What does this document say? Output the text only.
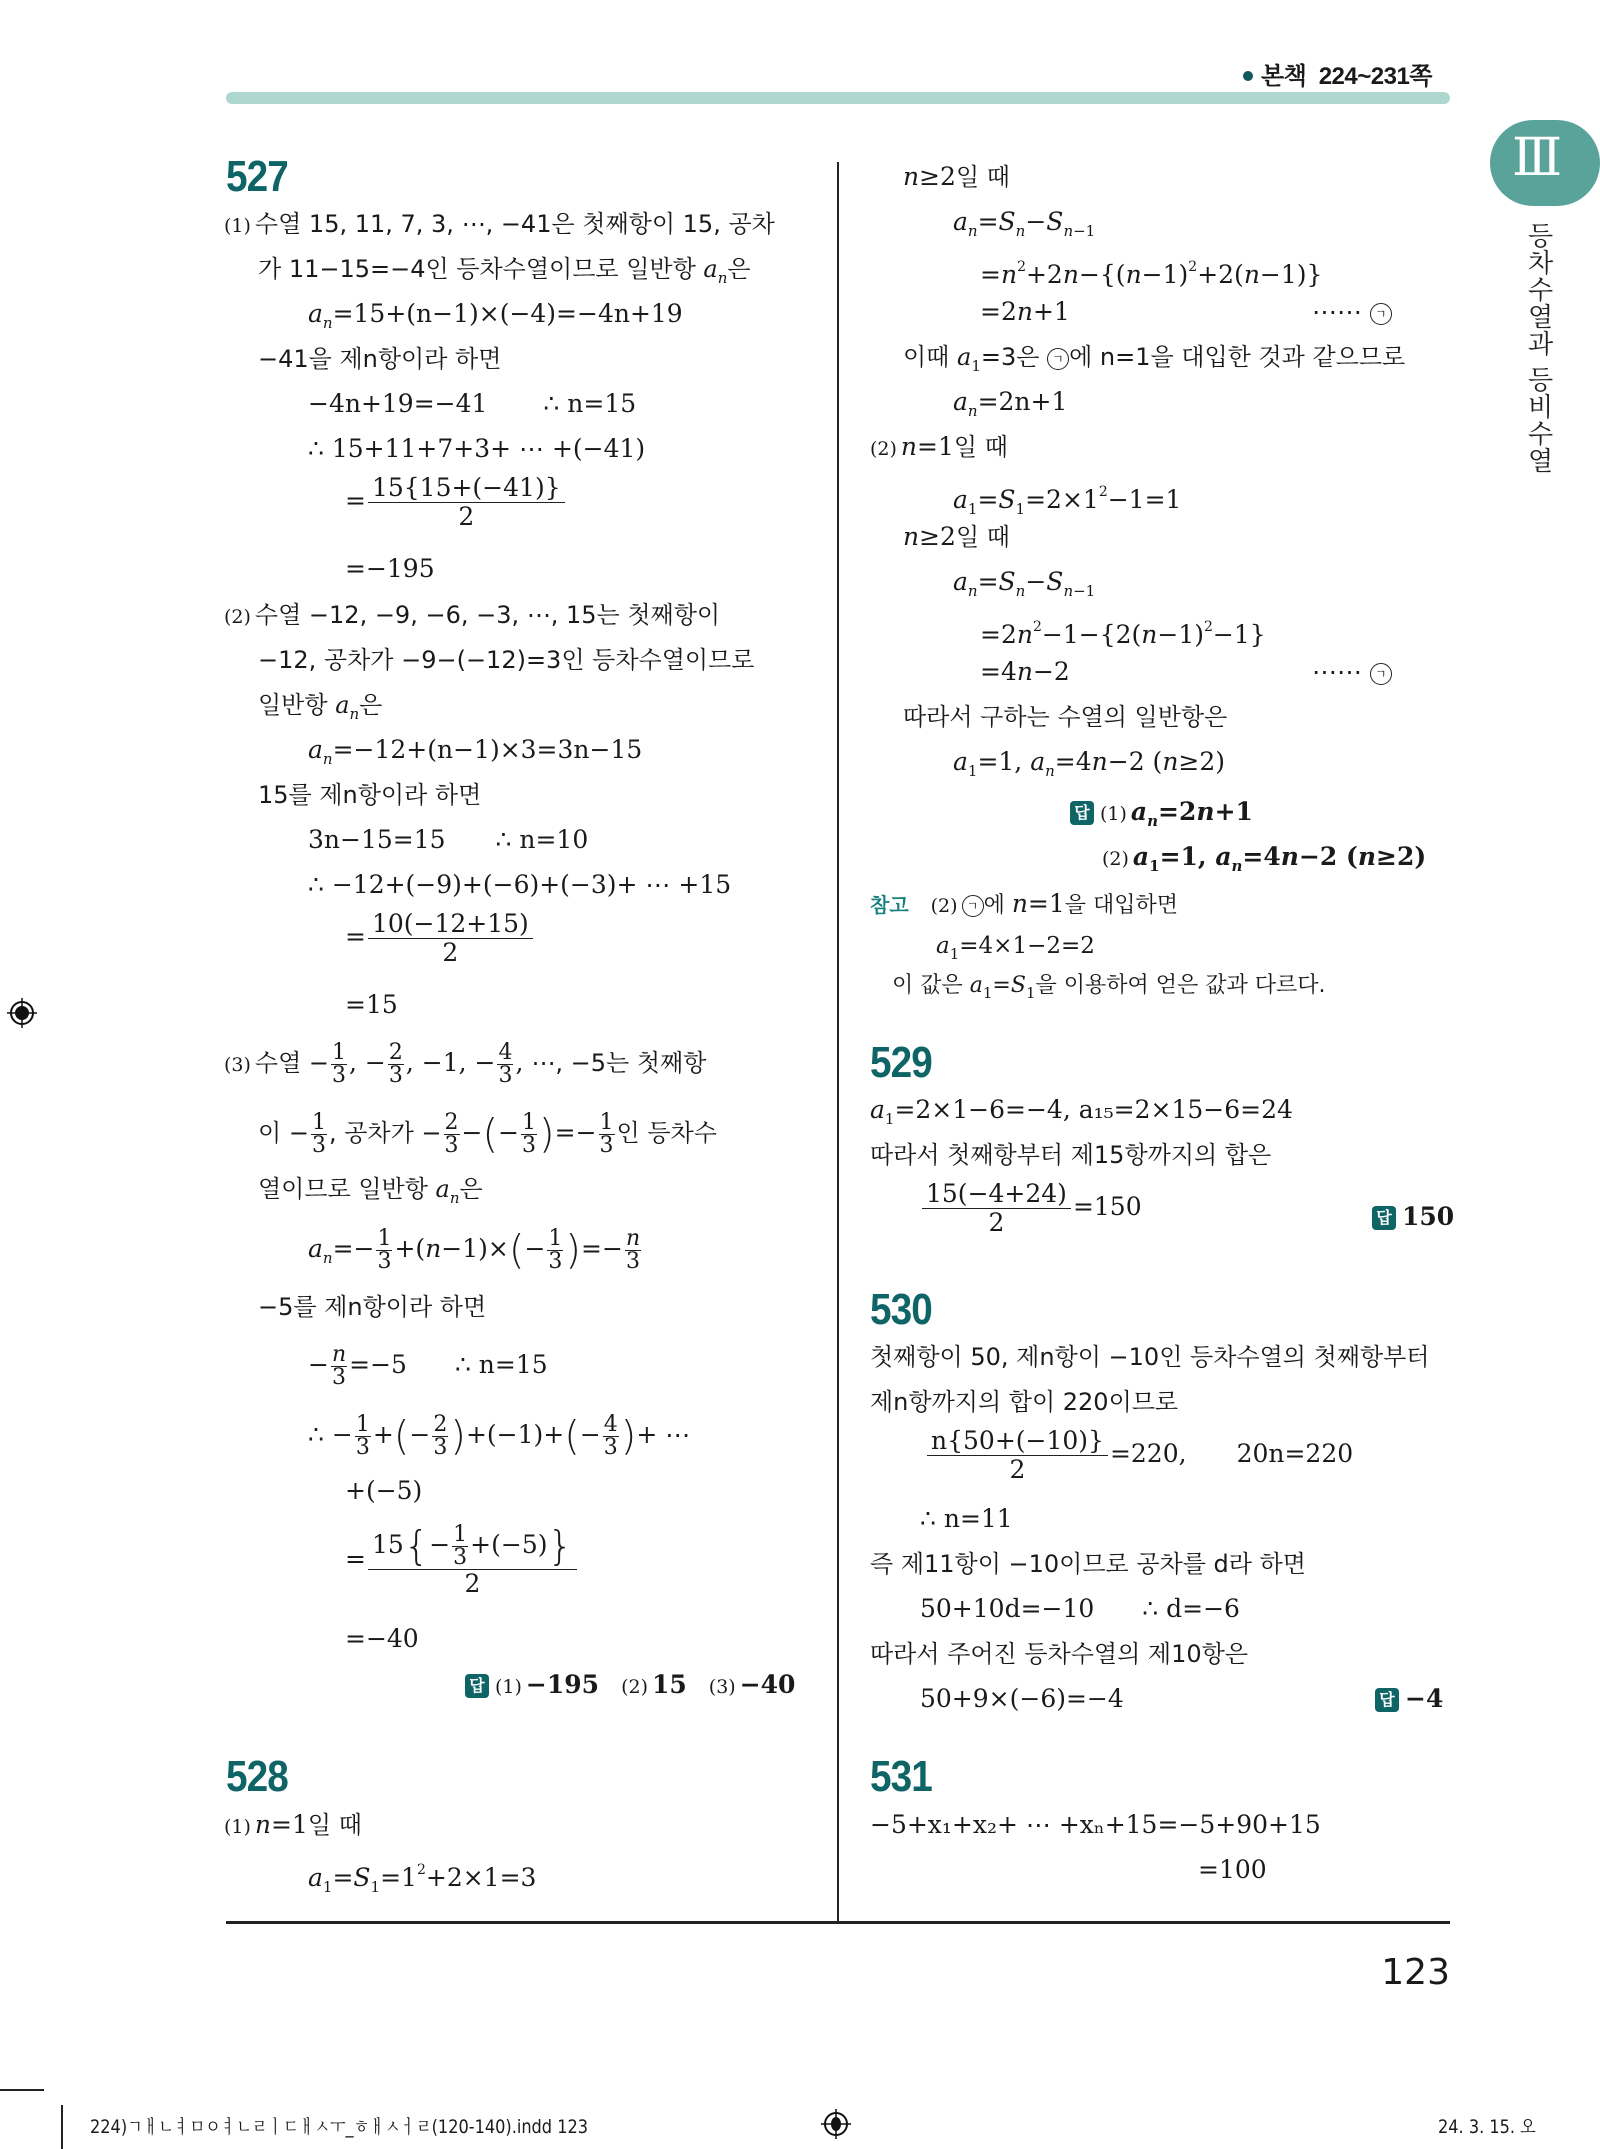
본책 224~231쪽
Ⅲ
등차수열과 등비수열
527
(1) 수열 15, 11, 7, 3, ⋯, −41은 첫째항이 15, 공차
가 11−15=−4인 등차수열이므로 일반항 $a_n$은
$a_n=15+(n-1)\times(-4)=-4n+19$
−41을 제n항이라 하면
−4n+19=−41 ∴ n=15
∴ 15+11+7+3+ ⋯ +(−41)
= $\frac{15\{15+(-41)\}}{2}$
=−195
(2) 수열 −12, −9, −6, −3, ⋯, 15는 첫째항이
−12, 공차가 −9−(−12)=3인 등차수열이므로
일반항 $a_n$은
$a_n=-12+(n-1)\times 3=3n-15$
15를 제n항이라 하면
3n−15=15 ∴ n=10
∴ −12+(−9)+(−6)+(−3)+ ⋯ +15
= $\frac{10(-12+15)}{2}$
=15
(3) 수열 − $\frac{1}{3}$ , − $\frac{2}{3}$ , −1, − $\frac{4}{3}$ , ⋯, −5는 첫째항
이 − $\frac{1}{3}$ , 공차가 − $\frac{2}{3}$ −(− $\frac{1}{3}$ )=− $\frac{1}{3}$ 인 등차수
열이므로 일반항 $a_n$은
$a_n=- \frac{1}{3} +(n-1)\times(- \frac{1}{3}$ )=− $\frac{n}{3}$
−5를 제n항이라 하면
− $\frac{n}{3} =-5$ ∴ n=15
∴ − $\frac{1}{3}$ +(− $\frac{2}{3} )+(-1)+(- \frac{4}{3}$ )+ ⋯
+(−5)
= $\frac{15\{- \frac{1}{3} +(-5)\}}{2}$
=−40
답 (1) −195 (2) 15 (3) −40
528
(1) n=1일 때
$a_1=S_1=1^2+2\times 1=3$
n≥2일 때
$a_n=S_n-S_{n-1}$
$=n^2+2n-\{(n-1)^2+2(n-1)\}$
=2n+1	⋯⋯ ㄱ
이때 $a_1=3$은 ㄱ 에 n=1을 대입한 것과 같으므로
$a_n=2n+1$
(2) n=1일 때
$a_1=S_1=2\times 1^2-1=1$
n≥2일 때
$a_n=S_n-S_{n-1}$
$=2n^2-1-\{2(n-1)^2-1\}$
=4n−2	⋯⋯ ㄱ
따라서 구하는 수열의 일반항은
$a_1=1$, $a_n=4n-2$ (n≥2)
답 (1) $a_n=2n+1$
(2) $a_1=1$, $a_n=4n-2$ (n≥2)
참고 (2) ㄱ 에 n=1을 대입하면
$a_1=4\times 1-2=2$
이 값은 $a_1=S_1$을 이용하여 얻은 값과 다르다.
529
$a_1=2\times 1-6=-4$, a₁₅=2×15−6=24
따라서 첫째항부터 제15항까지의 합은
$\frac{15(-4+24)}{2} =150$	답 150
530
첫째항이 50, 제n항이 −10인 등차수열의 첫째항부터
제n항까지의 합이 220이므로
$\frac{n\{50+(-10)\}}{2} =220$, 20n=220
∴ n=11
즉 제11항이 −10이므로 공차를 d라 하면
50+10d=−10 ∴ d=−6
따라서 주어진 등차수열의 제10항은
50+9×(−6)=−4	답 −4
531
−5+x₁+x₂+ ⋯ +xₙ+15=−5+90+15
=100
123
224)ㄱㅐㄴㅕㅁㅇㅕㄴㄹㅣㄷㅐㅅㅜ_ㅎㅐㅅㅓㄹ(120-140).indd 123	24. 3. 15. 오
